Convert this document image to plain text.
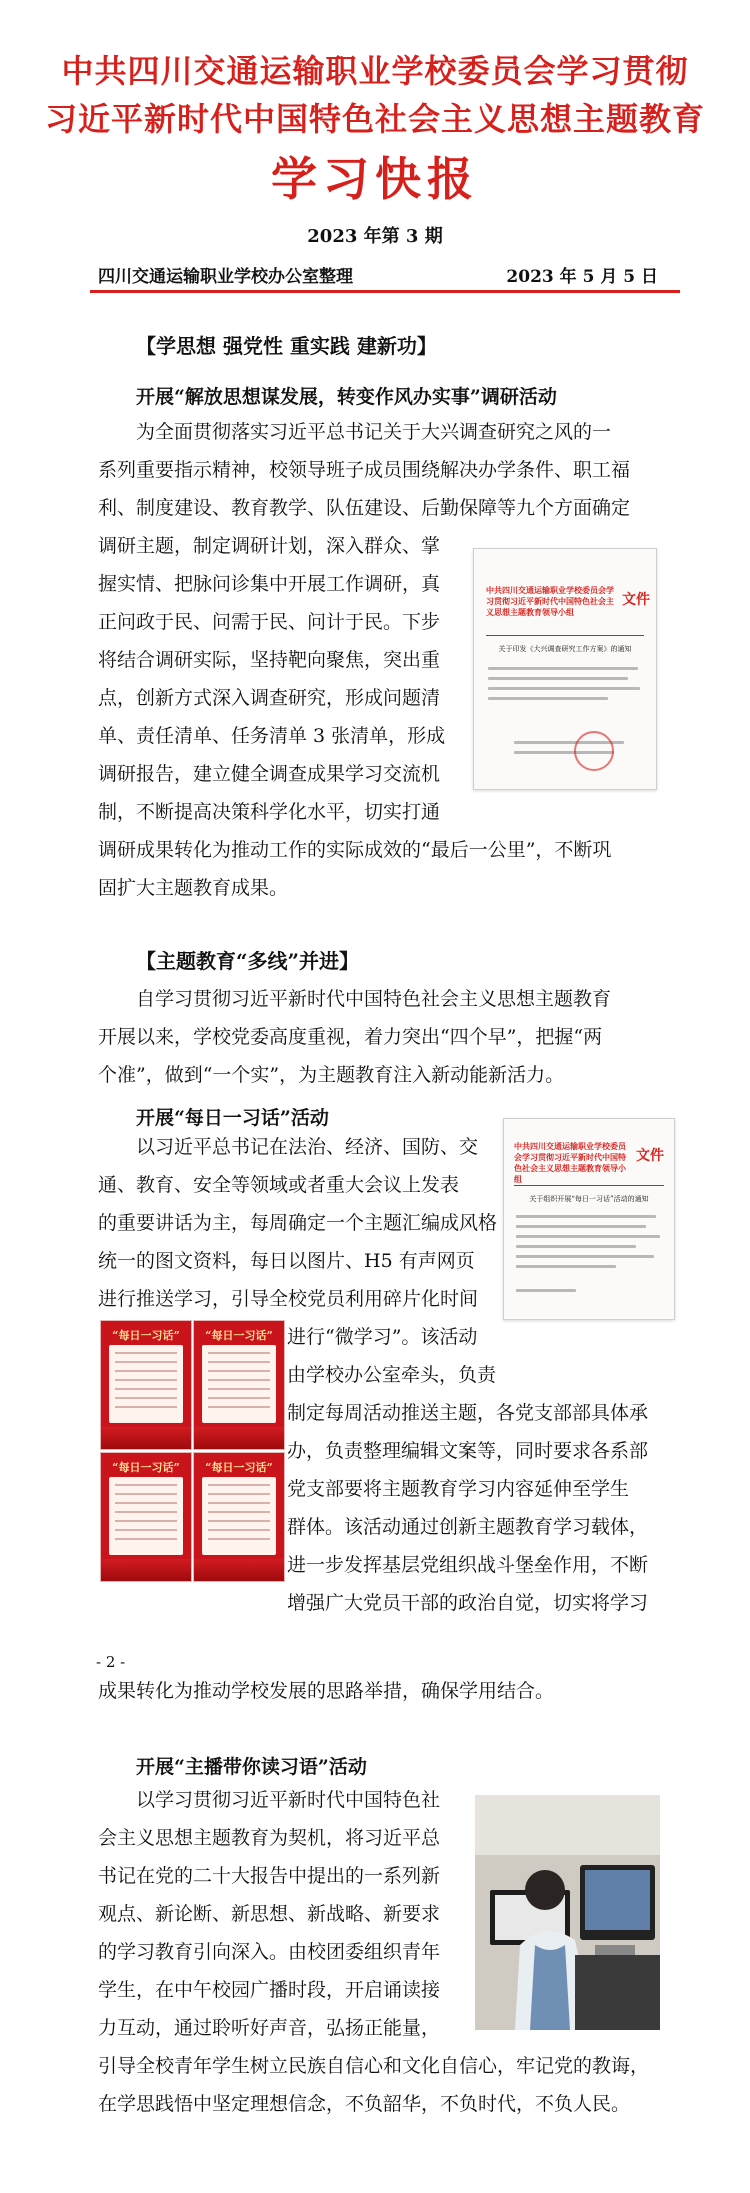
中共四川交通运输职业学校委员会学习贯彻
习近平新时代中国特色社会主义思想主题教育
学习快报
2023 年第 3 期
四川交通运输职业学校办公室整理	2023 年 5 月 5 日
【学思想 强党性 重实践 建新功】
开展“解放思想谋发展，转变作风办实事”调研活动
为全面贯彻落实习近平总书记关于大兴调查研究之风的一
系列重要指示精神，校领导班子成员围绕解决办学条件、职工福
利、制度建设、教育教学、队伍建设、后勤保障等九个方面确定
调研主题，制定调研计划，深入群众、掌
握实情、把脉问诊集中开展工作调研，真
正问政于民、问需于民、问计于民。下步
将结合调研实际，坚持靶向聚焦，突出重
点，创新方式深入调查研究，形成问题清
单、责任清单、任务清单 3 张清单，形成
调研报告，建立健全调查成果学习交流机
制，不断提高决策科学化水平，切实打通
调研成果转化为推动工作的实际成效的“最后一公里”，不断巩
固扩大主题教育成果。
中共四川交通运输职业学校委员会学习贯彻习近平新时代中国特色社会主义思想主题教育领导小组
文件
关于印发《大兴调查研究工作方案》的通知
【主题教育“多线”并进】
自学习贯彻习近平新时代中国特色社会主义思想主题教育
开展以来，学校党委高度重视，着力突出“四个早”，把握“两
个准”，做到“一个实”，为主题教育注入新动能新活力。
开展“每日一习话”活动
中共四川交通运输职业学校委员会学习贯彻习近平新时代中国特色社会主义思想主题教育领导小组
文件
关于组织开展“每日一习话”活动的通知
以习近平总书记在法治、经济、国防、交
通、教育、安全等领域或者重大会议上发表
的重要讲话为主，每周确定一个主题汇编成风格
统一的图文资料，每日以图片、H5 有声网页
进行推送学习，引导全校党员利用碎片化时间
“每日一习话”	“每日一习话”
“每日一习话”	“每日一习话”
进行“微学习”。该活动
由学校办公室牵头，负责
制定每周活动推送主题，各党支部部具体承
办，负责整理编辑文案等，同时要求各系部
党支部要将主题教育学习内容延伸至学生
群体。该活动通过创新主题教育学习载体，
进一步发挥基层党组织战斗堡垒作用，不断
增强广大党员干部的政治自觉，切实将学习
- 2 -
成果转化为推动学校发展的思路举措，确保学用结合。
开展“主播带你读习语”活动
以学习贯彻习近平新时代中国特色社
会主义思想主题教育为契机，将习近平总
书记在党的二十大报告中提出的一系列新
观点、新论断、新思想、新战略、新要求
的学习教育引向深入。由校团委组织青年
学生，在中午校园广播时段，开启诵读接
力互动，通过聆听好声音，弘扬正能量，
引导全校青年学生树立民族自信心和文化自信心，牢记党的教诲，
在学思践悟中坚定理想信念，不负韶华，不负时代，不负人民。
